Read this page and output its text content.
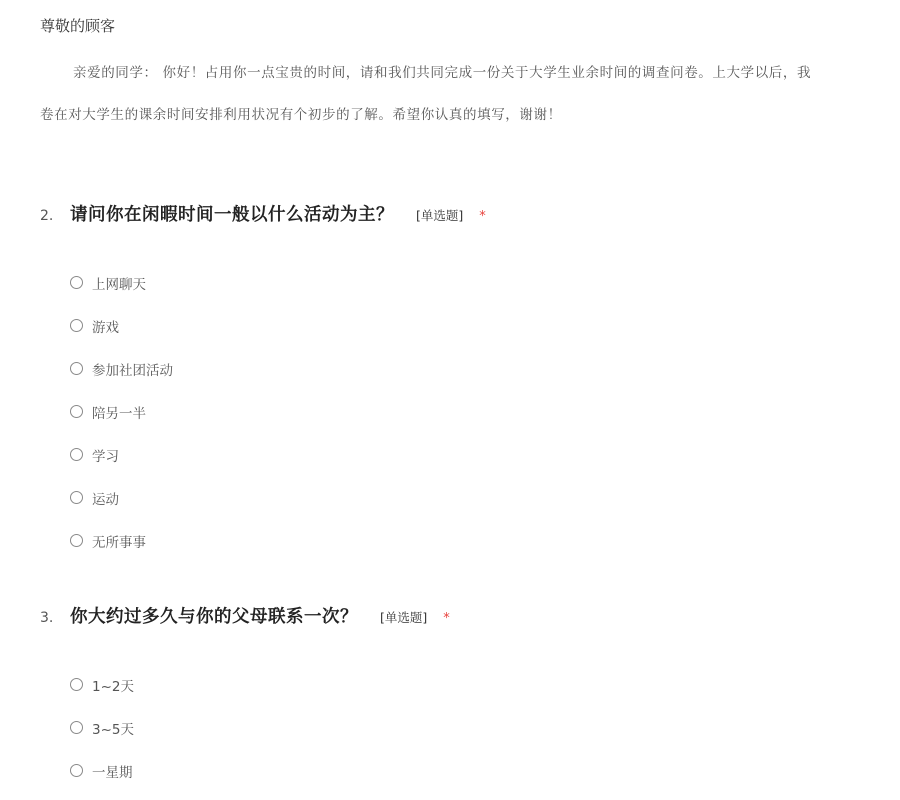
尊敬的顾客
亲爱的同学： 你好！占用你一点宝贵的时间，请和我们共同完成一份关于大学生业余时间的调查问卷。上大学以后，我
卷在对大学生的课余时间安排利用状况有个初步的了解。希望你认真的填写，谢谢！
2. 请问你在闲暇时间一般以什么活动为主？ [单选题] *
上网聊天
游戏
参加社团活动
陪另一半
学习
运动
无所事事
3. 你大约过多久与你的父母联系一次？ [单选题] *
1~2天
3~5天
一星期
